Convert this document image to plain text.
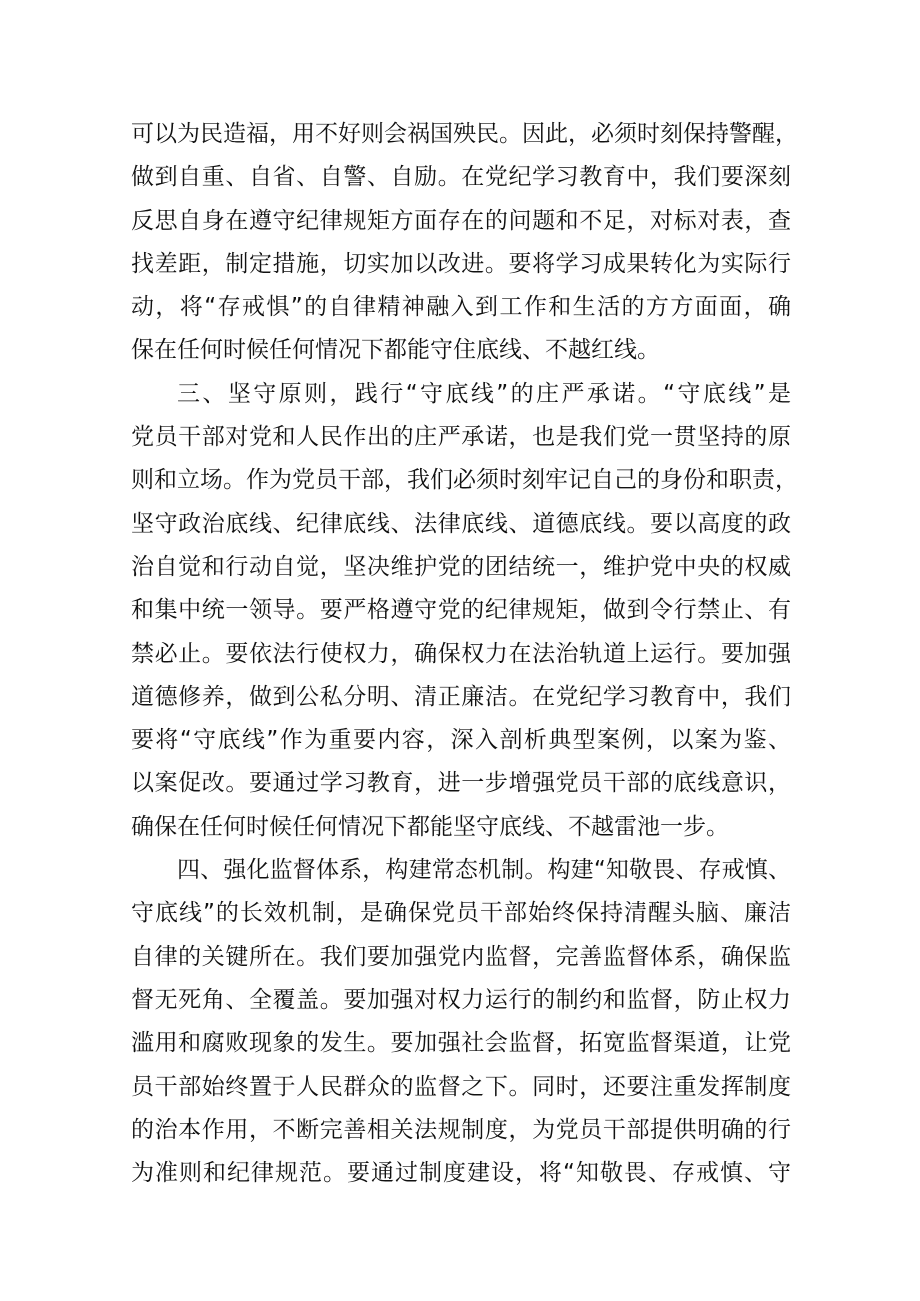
可以为民造福，用不好则会祸国殃民。因此，必须时刻保持警醒，
做到自重、自省、自警、自励。在党纪学习教育中，我们要深刻
反思自身在遵守纪律规矩方面存在的问题和不足，对标对表，查
找差距，制定措施，切实加以改进。要将学习成果转化为实际行
动，将“存戒惧”的自律精神融入到工作和生活的方方面面，确
保在任何时候任何情况下都能守住底线、不越红线。
三、坚守原则，践行“守底线”的庄严承诺。“守底线”是
党员干部对党和人民作出的庄严承诺，也是我们党一贯坚持的原
则和立场。作为党员干部，我们必须时刻牢记自己的身份和职责，
坚守政治底线、纪律底线、法律底线、道德底线。要以高度的政
治自觉和行动自觉，坚决维护党的团结统一，维护党中央的权威
和集中统一领导。要严格遵守党的纪律规矩，做到令行禁止、有
禁必止。要依法行使权力，确保权力在法治轨道上运行。要加强
道德修养，做到公私分明、清正廉洁。在党纪学习教育中，我们
要将“守底线”作为重要内容，深入剖析典型案例，以案为鉴、
以案促改。要通过学习教育，进一步增强党员干部的底线意识，
确保在任何时候任何情况下都能坚守底线、不越雷池一步。
四、强化监督体系，构建常态机制。构建“知敬畏、存戒慎、
守底线”的长效机制，是确保党员干部始终保持清醒头脑、廉洁
自律的关键所在。我们要加强党内监督，完善监督体系，确保监
督无死角、全覆盖。要加强对权力运行的制约和监督，防止权力
滥用和腐败现象的发生。要加强社会监督，拓宽监督渠道，让党
员干部始终置于人民群众的监督之下。同时，还要注重发挥制度
的治本作用，不断完善相关法规制度，为党员干部提供明确的行
为准则和纪律规范。要通过制度建设，将“知敬畏、存戒慎、守
